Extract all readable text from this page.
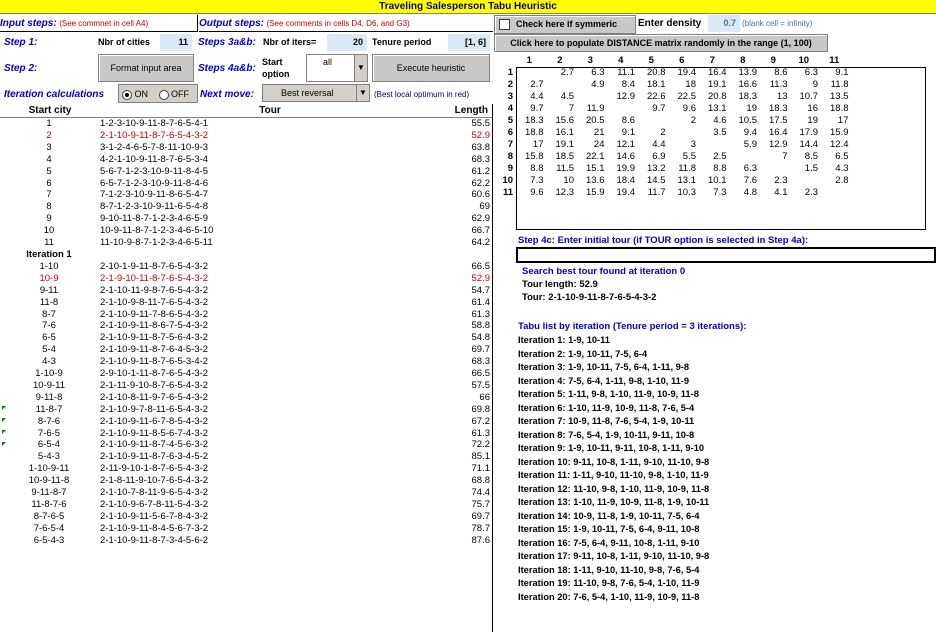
Traveling Salesperson Tabu Heuristic
Input steps: (See commnet in cell A4)	Output steps: (See comments in cells D4, D6, and G3)	Check here if symmeric	Enter density	0.7 (blank cell = infinity)
Step 1:	Nbr of cities	11	Steps 3a&b: Nbr of iters=	20	Tenure period	[1, 6]	Click here to populate DISTANCE matrix randomly in the range (1, 100)
Step 2:	Format input area	Steps 4a&b:
Start option
all
▼	Execute heuristic
Iteration calculations	ON	OFF	Next move:	Best reversal	▼ (Best local optimum in red)
Start city	Tour	Length
1	1-2-3-10-9-11-8-7-6-5-4-1	55.5
2	2-1-10-9-11-8-7-6-5-4-3-2	52.9
3	3-1-2-4-6-5-7-8-11-10-9-3	63.8
4	4-2-1-10-9-11-8-7-6-5-3-4	68.3
5	5-6-7-1-2-3-10-9-11-8-4-5	61.2
6	6-5-7-1-2-3-10-9-11-8-4-6	62.2
7	7-1-2-3-10-9-11-8-6-5-4-7	60.6
8	8-7-1-2-3-10-9-11-6-5-4-8	69
9	9-10-11-8-7-1-2-3-4-6-5-9	62.9
10	10-9-11-8-7-1-2-3-4-6-5-10	66.7
11	11-10-9-8-7-1-2-3-4-6-5-11	64.2
Iteration 1		
1-10	2-10-1-9-11-8-7-6-5-4-3-2	66.5
10-9	2-1-9-10-11-8-7-6-5-4-3-2	52.9
9-11	2-1-10-11-9-8-7-6-5-4-3-2	54.7
11-8	2-1-10-9-8-11-7-6-5-4-3-2	61.4
8-7	2-1-10-9-11-7-8-6-5-4-3-2	61.3
7-6	2-1-10-9-11-8-6-7-5-4-3-2	58.8
6-5	2-1-10-9-11-8-7-5-6-4-3-2	54.8
5-4	2-1-10-9-11-8-7-6-4-5-3-2	69.7
4-3	2-1-10-9-11-8-7-6-5-3-4-2	68.3
1-10-9	2-9-10-1-11-8-7-6-5-4-3-2	66.5
10-9-11	2-1-11-9-10-8-7-6-5-4-3-2	57.5
9-11-8	2-1-10-8-11-9-7-6-5-4-3-2	66
11-8-7	2-1-10-9-7-8-11-6-5-4-3-2	69.8
8-7-6	2-1-10-9-11-6-7-8-5-4-3-2	67.2
7-6-5	2-1-10-9-11-8-5-6-7-4-3-2	61.3
6-5-4	2-1-10-9-11-8-7-4-5-6-3-2	72.2
5-4-3	2-1-10-9-11-8-7-6-3-4-5-2	85.1
1-10-9-11	2-11-9-10-1-8-7-6-5-4-3-2	71.1
10-9-11-8	2-1-8-11-9-10-7-6-5-4-3-2	68.8
9-11-8-7	2-1-10-7-8-11-9-6-5-4-3-2	74.4
11-8-7-6	2-1-10-9-6-7-8-11-5-4-3-2	75.7
8-7-6-5	2-1-10-9-11-5-6-7-8-4-3-2	69.7
7-6-5-4	2-1-10-9-11-8-4-5-6-7-3-2	78.7
6-5-4-3	2-1-10-9-11-8-7-3-4-5-6-2	87.6
	1	2	3	4	5	6	7	8	9	10	11
1		2.7	6.3	11.1	20.8	19.4	16.4	13.9	8.6	6.3	9.1
2	2.7		4.9	8.4	18.1	18	19.1	16.6	11.3	9	11.8
3	4.4	4.5		12.9	22.6	22.5	20.8	18.3	13	10.7	13.5
4	9.7	7	11.9		9.7	9.6	13.1	19	18.3	16	18.8
5	18.3	15.6	20.5	8.6		2	4.6	10.5	17.5	19	17
6	18.8	16.1	21	9.1	2		3.5	9.4	16.4	17.9	15.9
7	17	19.1	24	12.1	4.4	3		5.9	12.9	14.4	12.4
8	15.8	18.5	22.1	14.6	6.9	5.5	2.5		7	8.5	6.5
9	8.8	11.5	15.1	19.9	13.2	11.8	8.8	6.3		1.5	4.3
10	7.3	10	13.6	18.4	14.5	13.1	10.1	7.6	2.3		2.8
11	9.6	12.3	15.9	19.4	11.7	10.3	7.3	4.8	4.1	2.3	
Step 4c: Enter initial tour (if TOUR option is selected in Step 4a):
Search best tour found at iteration 0
Tour length: 52.9
Tour: 2-1-10-9-11-8-7-6-5-4-3-2
Tabu list by iteration (Tenure period = 3 iterations):
Iteration 1: 1-9, 10-11
Iteration 2: 1-9, 10-11, 7-5, 6-4
Iteration 3: 1-9, 10-11, 7-5, 6-4, 1-11, 9-8
Iteration 4: 7-5, 6-4, 1-11, 9-8, 1-10, 11-9
Iteration 5: 1-11, 9-8, 1-10, 11-9, 10-9, 11-8
Iteration 6: 1-10, 11-9, 10-9, 11-8, 7-6, 5-4
Iteration 7: 10-9, 11-8, 7-6, 5-4, 1-9, 10-11
Iteration 8: 7-6, 5-4, 1-9, 10-11, 9-11, 10-8
Iteration 9: 1-9, 10-11, 9-11, 10-8, 1-11, 9-10
Iteration 10: 9-11, 10-8, 1-11, 9-10, 11-10, 9-8
Iteration 11: 1-11, 9-10, 11-10, 9-8, 1-10, 11-9
Iteration 12: 11-10, 9-8, 1-10, 11-9, 10-9, 11-8
Iteration 13: 1-10, 11-9, 10-9, 11-8, 1-9, 10-11
Iteration 14: 10-9, 11-8, 1-9, 10-11, 7-5, 6-4
Iteration 15: 1-9, 10-11, 7-5, 6-4, 9-11, 10-8
Iteration 16: 7-5, 6-4, 9-11, 10-8, 1-11, 9-10
Iteration 17: 9-11, 10-8, 1-11, 9-10, 11-10, 9-8
Iteration 18: 1-11, 9-10, 11-10, 9-8, 7-6, 5-4
Iteration 19: 11-10, 9-8, 7-6, 5-4, 1-10, 11-9
Iteration 20: 7-6, 5-4, 1-10, 11-9, 10-9, 11-8
